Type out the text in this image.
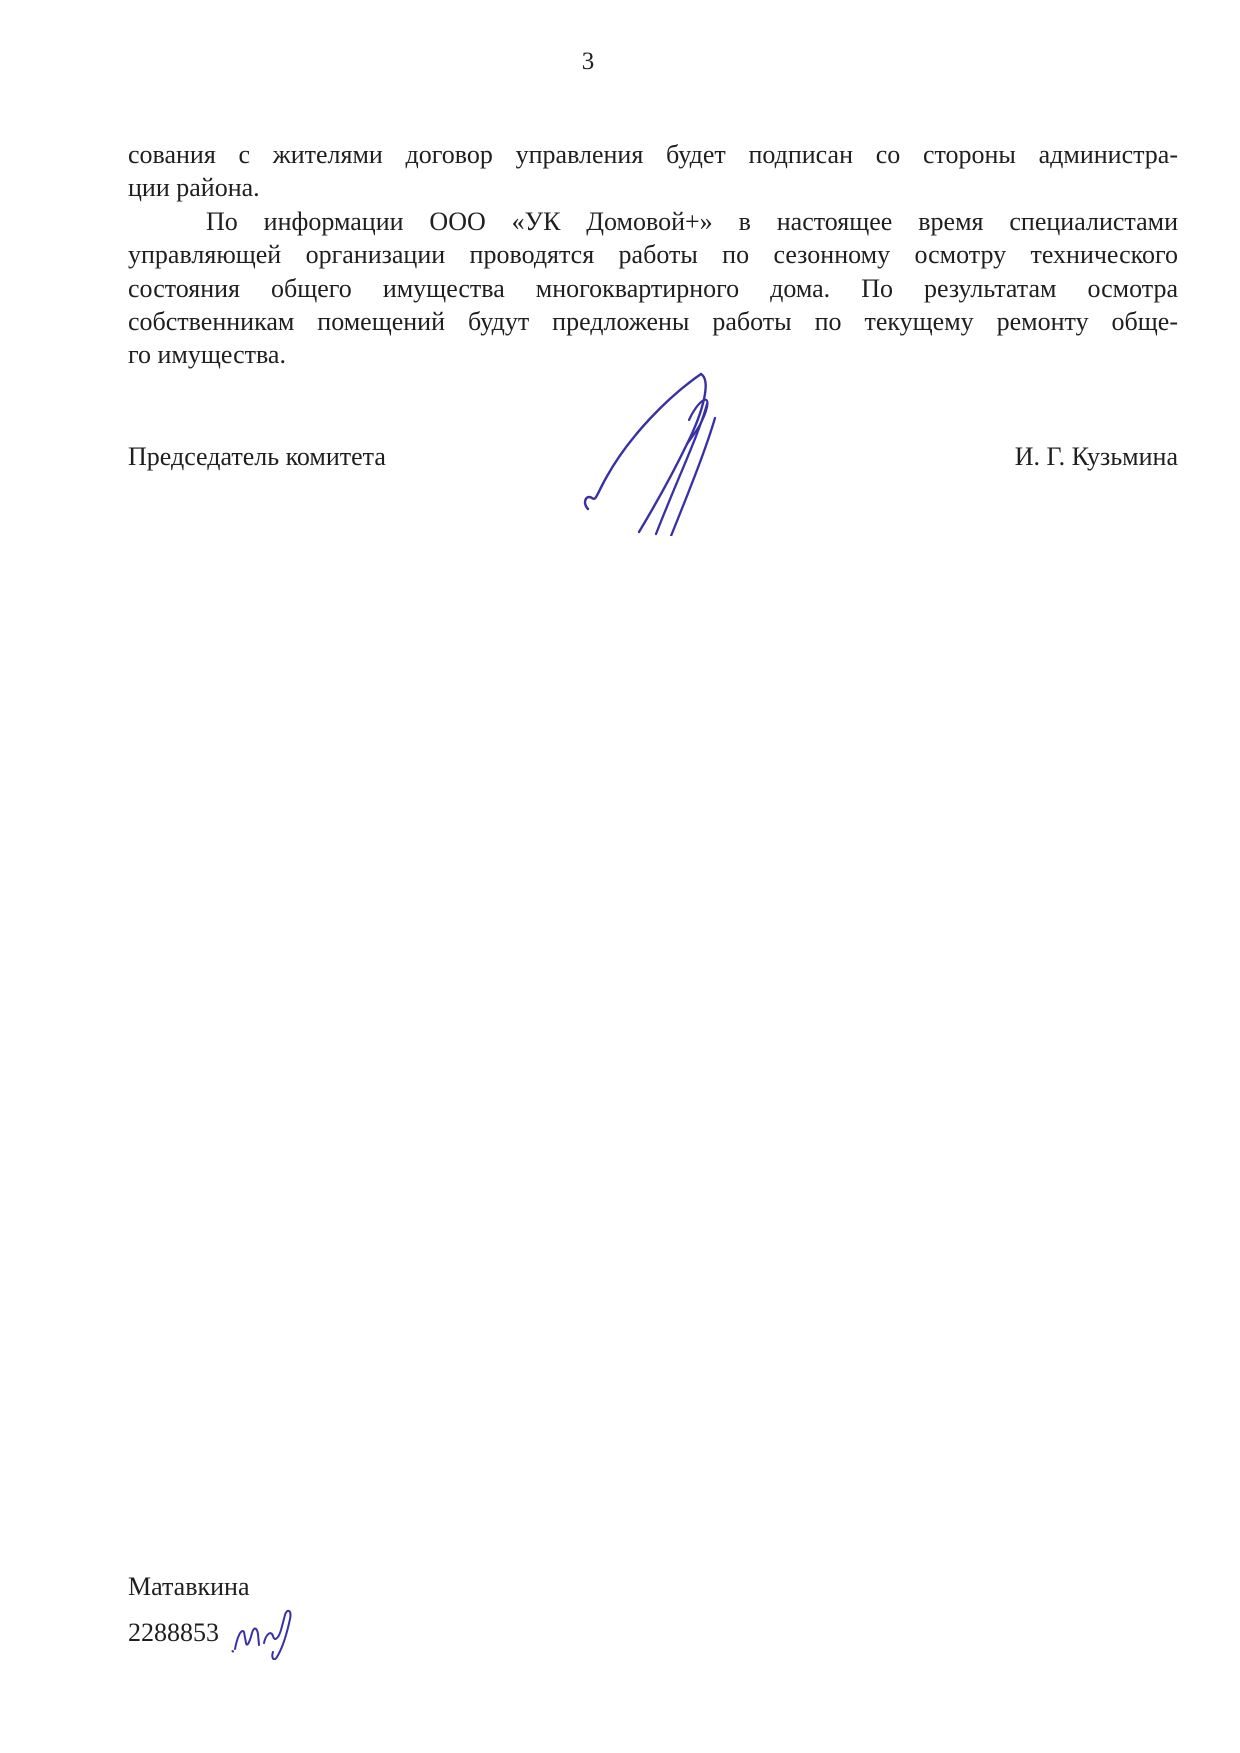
3
сования с жителями договор управления будет подписан со стороны администра-
ции района.
По информации ООО «УК Домовой+» в настоящее время специалистами
управляющей организации проводятся работы по сезонному осмотру технического
состояния общего имущества многоквартирного дома. По результатам осмотра
собственникам помещений будут предложены работы по текущему ремонту обще-
го имущества.
Председатель комитета	И. Г. Кузьмина
Матавкина
2288853
